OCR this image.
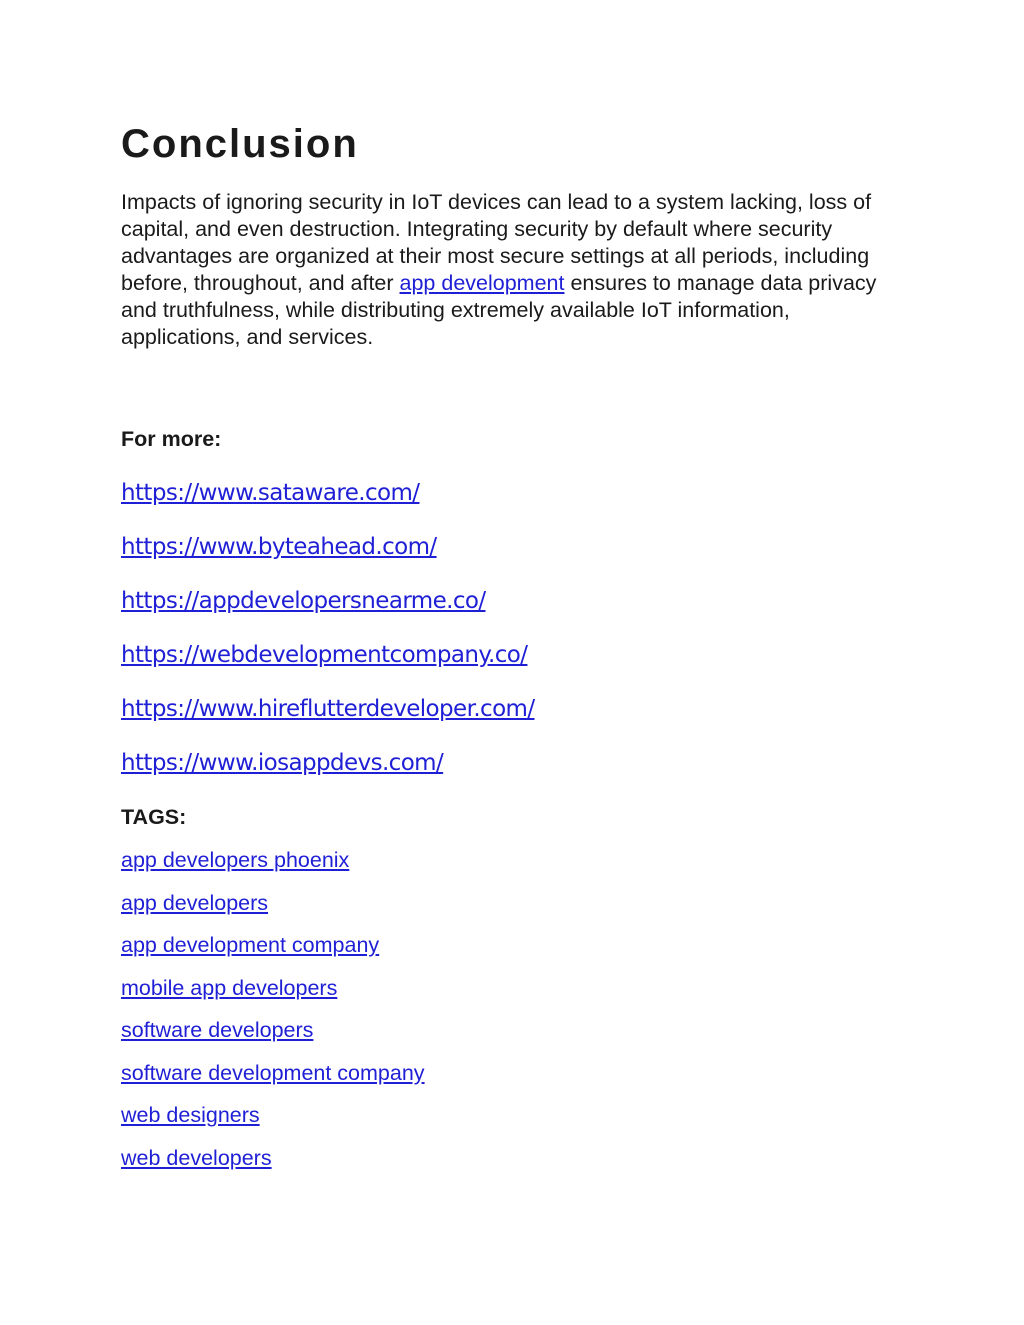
Conclusion

Impacts of ignoring security in IoT devices can lead to a system lacking, loss of capital, and even destruction. Integrating security by default where security advantages are organized at their most secure settings at all periods, including before, throughout, and after app development ensures to manage data privacy and truthfulness, while distributing extremely available IoT information, applications, and services.

For more:

https://www.sataware.com/
https://www.byteahead.com/
https://appdevelopersnearme.co/
https://webdevelopmentcompany.co/
https://www.hireflutterdeveloper.com/
https://www.iosappdevs.com/

TAGS:

app developers phoenix
app developers
app development company
mobile app developers
software developers
software development company
web designers
web developers
